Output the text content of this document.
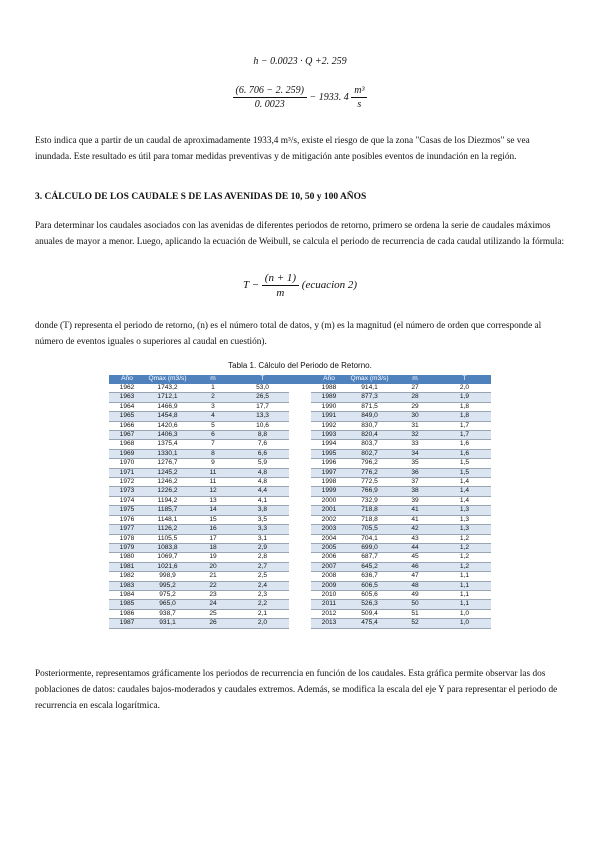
h − 0.0023 · Q +2. 259
$\frac{(6. 706 - 2. 259)}{0. 0023} - 1933$. $4 \frac{\text{m³}}{s}$
Esto indica que a partir de un caudal de aproximadamente 1933,4 m³/s, existe el riesgo de que la zona "Casas de los Diezmos" se vea inundada. Este resultado es útil para tomar medidas preventivas y de mitigación ante posibles eventos de inundación en la región.
3. CÁLCULO DE LOS CAUDALE S DE LAS AVENIDAS DE 10, 50 y 100 AÑOS
Para determinar los caudales asociados con las avenidas de diferentes periodos de retorno, primero se ordena la serie de caudales máximos anuales de mayor a menor. Luego, aplicando la ecuación de Weibull, se calcula el periodo de recurrencia de cada caudal utilizando la fórmula:
$T - \frac{(n + 1)}{m}$ (ecuacion 2)
donde (T) representa el periodo de retorno, (n) es el número total de datos, y (m) es la magnitud (el número de orden que corresponde al número de eventos iguales o superiores al caudal en cuestión).
Tabla 1. Cálculo del Periodo de Retorno.
Año	Qmax (m3/s)	m	T		Año	Qmax (m3/s)	m	T
1962	1743,2	1	53,0		1988	914,1	27	2,0
1963	1712,1	2	26,5		1989	877,3	28	1,9
1964	1466,9	3	17,7		1990	871,5	29	1,8
1965	1454,8	4	13,3		1991	849,0	30	1,8
1966	1420,6	5	10,6		1992	830,7	31	1,7
1967	1406,3	6	8,8		1993	820,4	32	1,7
1968	1375,4	7	7,6		1994	803,7	33	1,6
1969	1330,1	8	6,6		1995	802,7	34	1,6
1970	1276,7	9	5,9		1996	796,2	35	1,5
1971	1245,2	11	4,8		1997	776,2	36	1,5
1972	1246,2	11	4,8		1998	772,5	37	1,4
1973	1226,2	12	4,4		1999	766,9	38	1,4
1974	1194,2	13	4,1		2000	732,9	39	1,4
1975	1185,7	14	3,8		2001	718,8	41	1,3
1976	1148,1	15	3,5		2002	718,8	41	1,3
1977	1126,2	16	3,3		2003	705,5	42	1,3
1978	1105,5	17	3,1		2004	704,1	43	1,2
1979	1083,8	18	2,9		2005	699,0	44	1,2
1980	1069,7	19	2,8		2006	687,7	45	1,2
1981	1021,6	20	2,7		2007	645,2	46	1,2
1982	998,9	21	2,5		2008	636,7	47	1,1
1983	995,2	22	2,4		2009	606,5	48	1,1
1984	975,2	23	2,3		2010	605,6	49	1,1
1985	965,0	24	2,2		2011	526,3	50	1,1
1986	938,7	25	2,1		2012	509,4	51	1,0
1987	931,1	26	2,0		2013	475,4	52	1,0
Posteriormente, representamos gráficamente los periodos de recurrencia en función de los caudales. Esta gráfica permite observar las dos poblaciones de datos: caudales bajos-moderados y caudales extremos. Además, se modifica la escala del eje Y para representar el periodo de recurrencia en escala logarítmica.
